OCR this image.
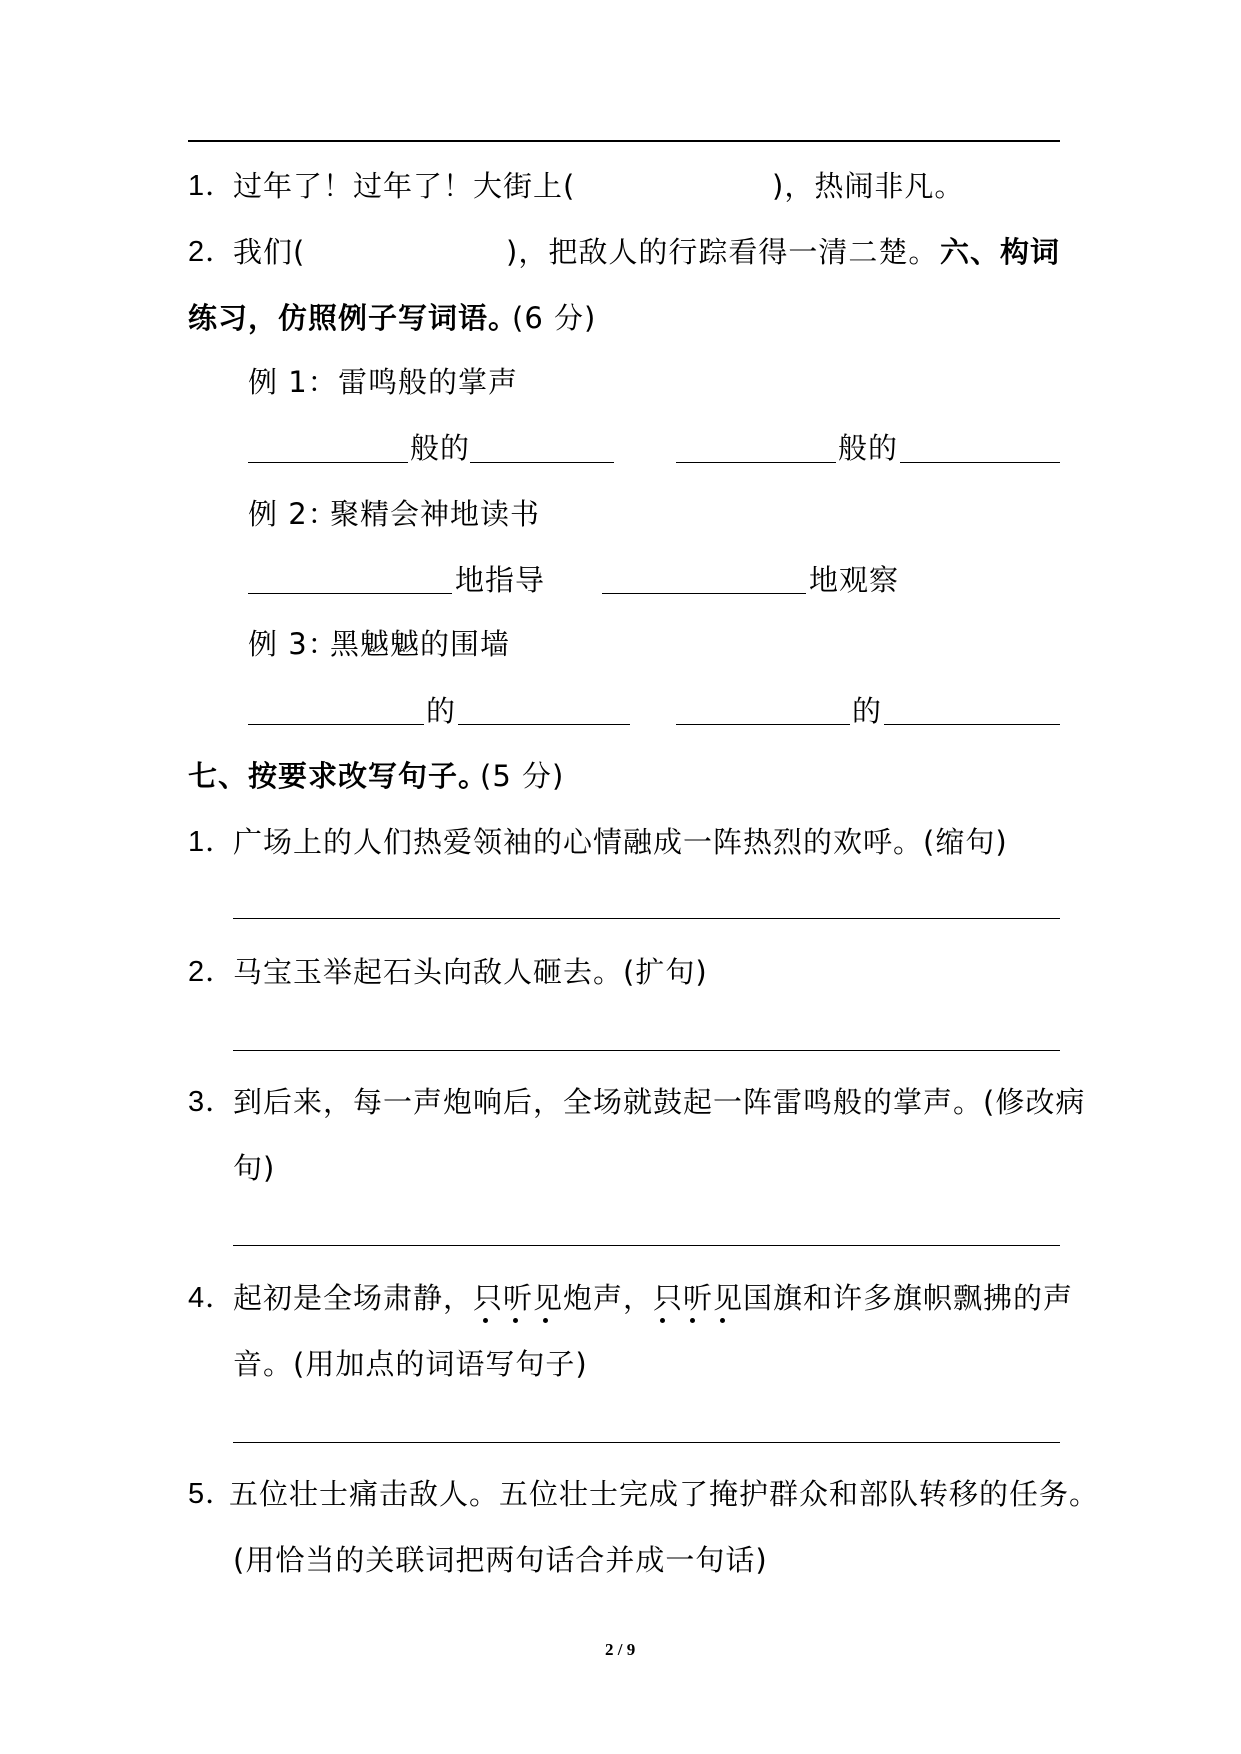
1．
过年了！过年了！大街上(	)，热闹非凡。
2．
我们(	)，把敌人的行踪看得一清二楚。 六、构词
练习，仿照例子写词语。
(6 分)
例 1： 雷鸣般的掌声
般的	般的
例 2：
聚精会神地读书
地指导	地观察
例 3：
黑魆魆的围墙
的	的
七、按要求改写句子。
(5 分)
1．
广场上的人们热爱领袖的心情融成一阵热烈的欢呼。(缩句)
2．
马宝玉举起石头向敌人砸去。(扩句)
3．
到后来，每一声炮响后，全场就鼓起一阵雷鸣般的掌声。(修改病
句)
4．
起初是全场肃静，只听见炮声，只听见国旗和许多旗帜飘拂的声
音。(用加点的词语写句子)
5．
五位壮士痛击敌人。五位壮士完成了掩护群众和部队转移的任务。
(用恰当的关联词把两句话合并成一句话)
2 / 9
